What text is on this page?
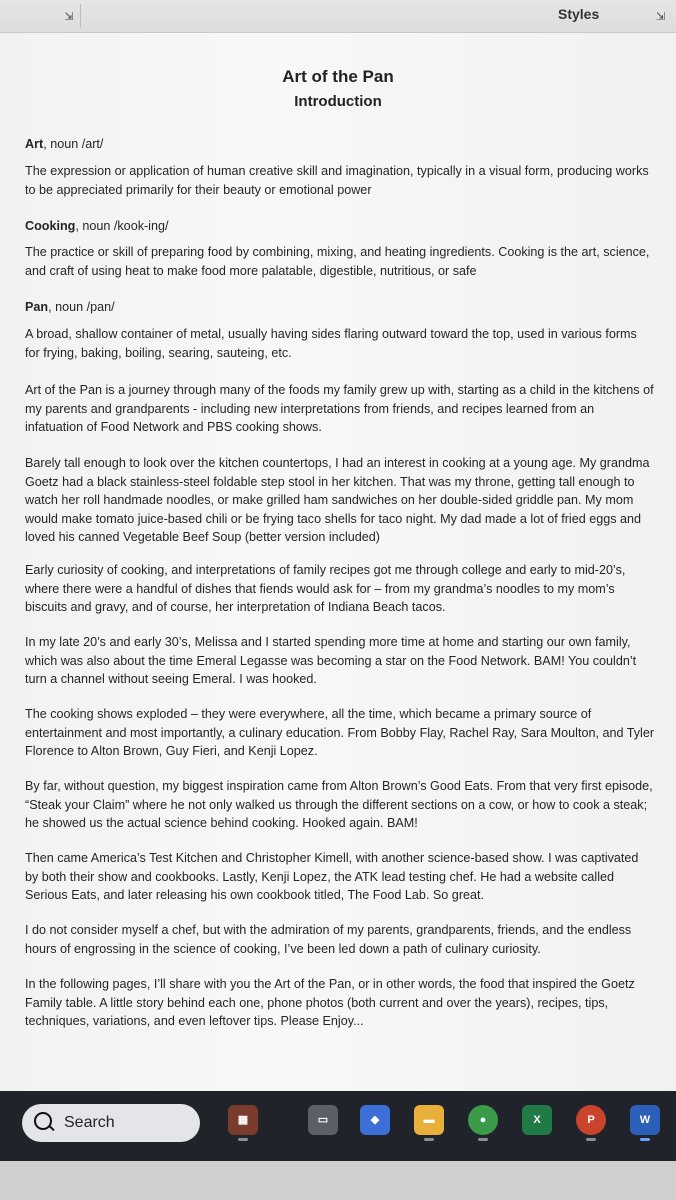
⇲	Styles	⇲
Art of the Pan
Introduction
Art, noun /art/
The expression or application of human creative skill and imagination, typically in a visual form, producing works to be appreciated primarily for their beauty or emotional power
Cooking, noun /kook-ing/
The practice or skill of preparing food by combining, mixing, and heating ingredients. Cooking is the art, science, and craft of using heat to make food more palatable, digestible, nutritious, or safe
Pan, noun /pan/
A broad, shallow container of metal, usually having sides flaring outward toward the top, used in various forms for frying, baking, boiling, searing, sauteing, etc.
Art of the Pan is a journey through many of the foods my family grew up with, starting as a child in the kitchens of my parents and grandparents - including new interpretations from friends, and recipes learned from an infatuation of Food Network and PBS cooking shows.
Barely tall enough to look over the kitchen countertops, I had an interest in cooking at a young age. My grandma Goetz had a black stainless-steel foldable step stool in her kitchen. That was my throne, getting tall enough to watch her roll handmade noodles, or make grilled ham sandwiches on her double-sided griddle pan. My mom would make tomato juice-based chili or be frying taco shells for taco night. My dad made a lot of fried eggs and loved his canned Vegetable Beef Soup (better version included)
Early curiosity of cooking, and interpretations of family recipes got me through college and early to mid-20’s, where there were a handful of dishes that fiends would ask for – from my grandma’s noodles to my mom’s biscuits and gravy, and of course, her interpretation of Indiana Beach tacos.
In my late 20’s and early 30’s, Melissa and I started spending more time at home and starting our own family, which was also about the time Emeral Legasse was becoming a star on the Food Network. BAM! You couldn’t turn a channel without seeing Emeral. I was hooked.
The cooking shows exploded – they were everywhere, all the time, which became a primary source of entertainment and most importantly, a culinary education. From Bobby Flay, Rachel Ray, Sara Moulton, and Tyler Florence to Alton Brown, Guy Fieri, and Kenji Lopez.
By far, without question, my biggest inspiration came from Alton Brown’s Good Eats. From that very first episode, “Steak your Claim” where he not only walked us through the different sections on a cow, or how to cook a steak; he showed us the actual science behind cooking. Hooked again. BAM!
Then came America’s Test Kitchen and Christopher Kimell, with another science-based show. I was captivated by both their show and cookbooks. Lastly, Kenji Lopez, the ATK lead testing chef. He had a website called Serious Eats, and later releasing his own cookbook titled, The Food Lab. So great.
I do not consider myself a chef, but with the admiration of my parents, grandparents, friends, and the endless hours of engrossing in the science of cooking, I’ve been led down a path of culinary curiosity.
In the following pages, I’ll share with you the Art of the Pan, or in other words, the food that inspired the Goetz Family table. A little story behind each one, phone photos (both current and over the years), recipes, tips, techniques, variations, and even leftover tips. Please Enjoy...
Search	▦	▭	◆	▬	●	X	P	W
